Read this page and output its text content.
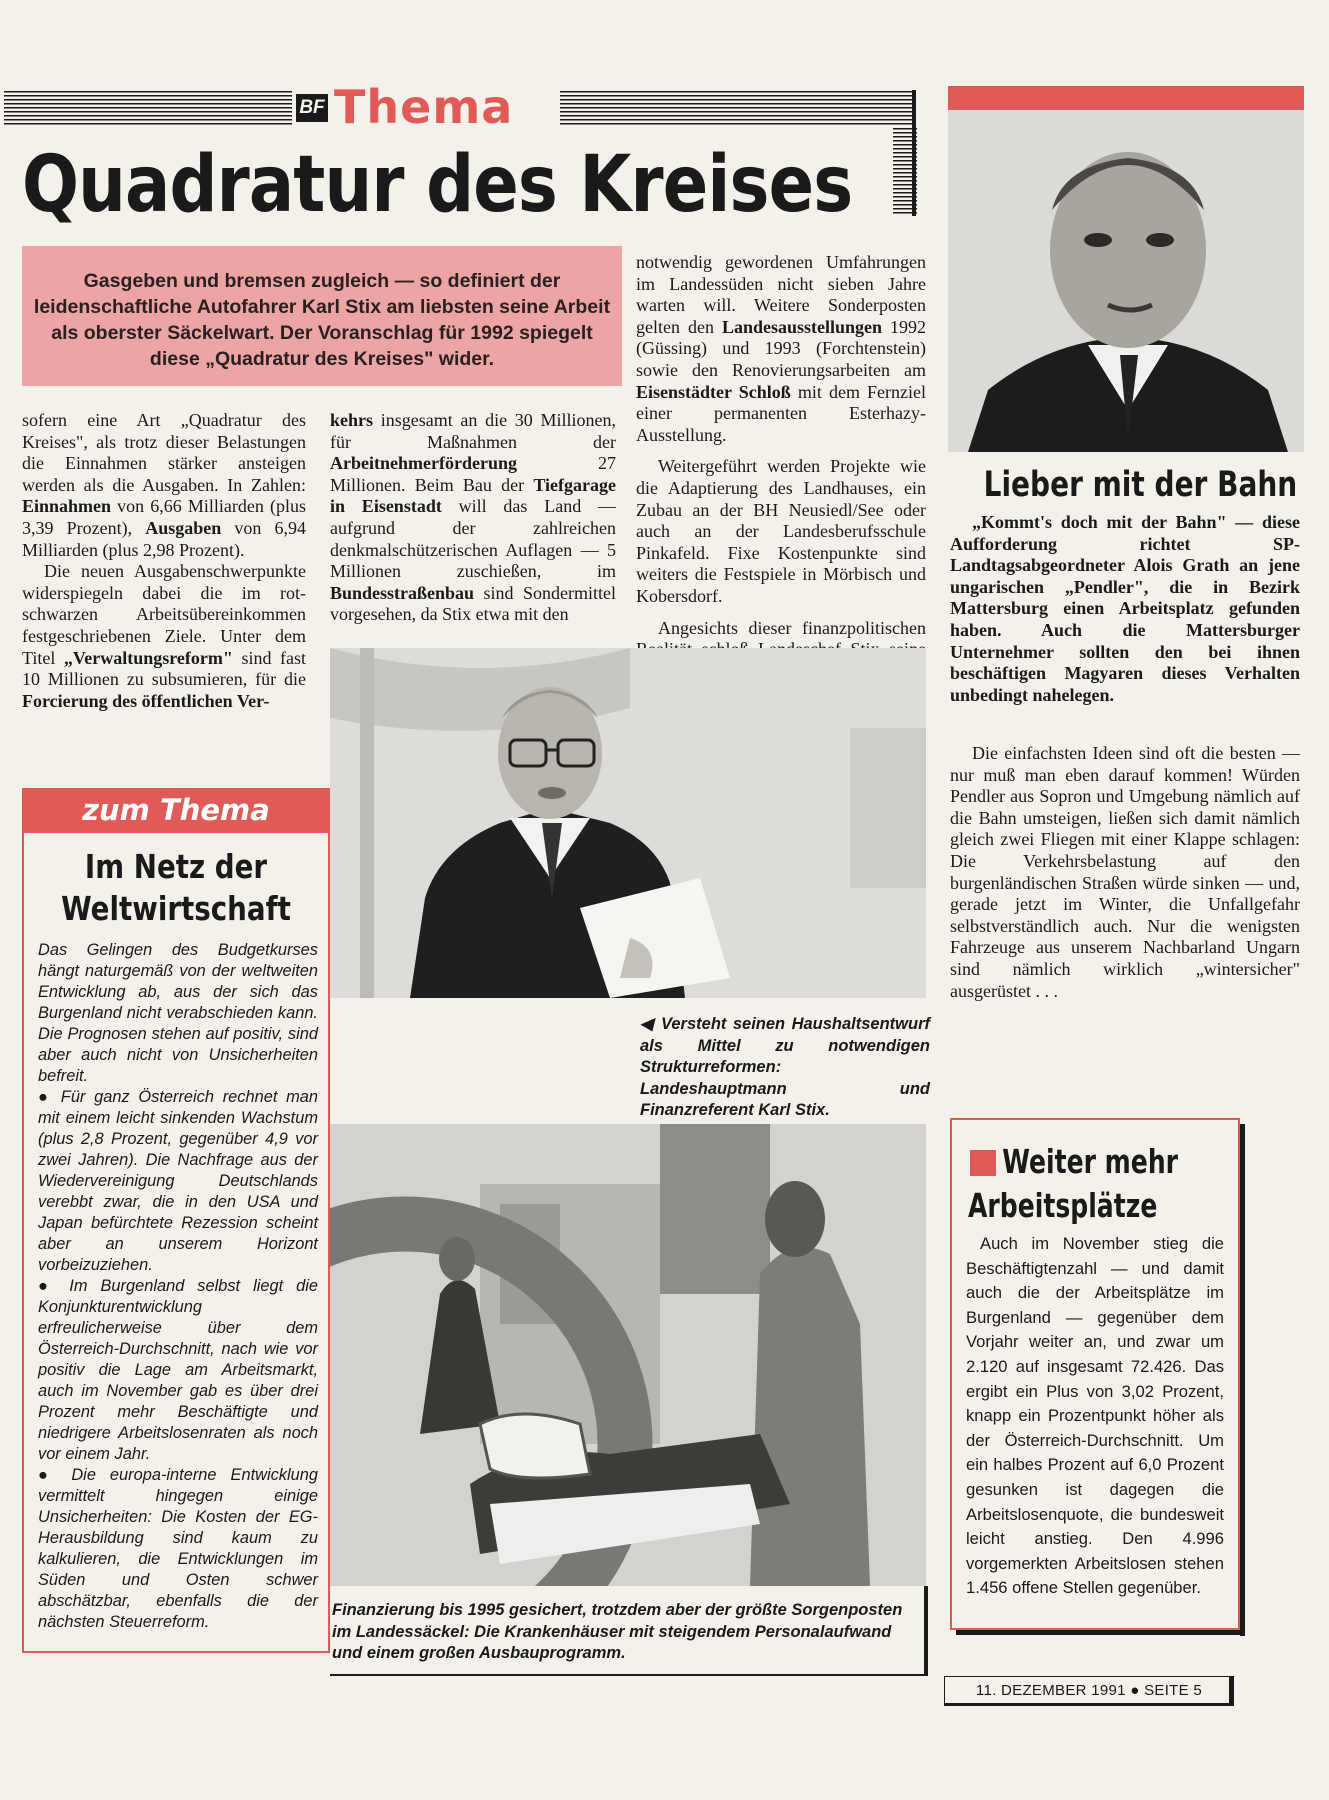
BF Thema
Quadratur des Kreises
Gasgeben und bremsen zugleich — so definiert der leidenschaftliche Autofahrer Karl Stix am liebsten seine Arbeit als oberster Säckelwart. Der Voranschlag für 1992 spiegelt diese „Quadratur des Kreises" wider.

sofern eine Art „Quadratur des Kreises", als trotz dieser Belastungen die Einnahmen stärker ansteigen werden als die Ausgaben. In Zahlen: Einnahmen von 6,66 Milliarden (plus 3,39 Prozent), Ausgaben von 6,94 Milliarden (plus 2,98 Prozent).

Die neuen Ausgabenschwerpunkte widerspiegeln dabei die im rot-schwarzen Arbeitsübereinkommen festgeschriebenen Ziele. Unter dem Titel „Verwaltungsreform" sind fast 10 Millionen zu subsumieren, für die Forcierung des öffentlichen Ver-

kehrs insgesamt an die 30 Millionen, für Maßnahmen der Arbeitnehmerförderung 27 Millionen. Beim Bau der Tiefgarage in Eisenstadt will das Land — aufgrund der zahlreichen denkmalschützerischen Auflagen — 5 Millionen zuschießen, im Bundesstraßenbau sind Sondermittel vorgesehen, da Stix etwa mit den

notwendig gewordenen Umfahrungen im Landessüden nicht sieben Jahre warten will. Weitere Sonderposten gelten den Landesausstellungen 1992 (Güssing) und 1993 (Forchtenstein) sowie den Renovierungsarbeiten am Eisenstädter Schloß mit dem Fernziel einer permanenten Esterhazy-Ausstellung.

Weitergeführt werden Projekte wie die Adaptierung des Landhauses, ein Zubau an der BH Neusiedl/See oder auch an der Landesberufsschule Pinkafeld. Fixe Kostenpunkte sind weiters die Festspiele in Mörbisch und Kobersdorf.

Angesichts dieser finanzpolitischen

zum Thema
Im Netz der Weltwirtschaft

Das Gelingen des Budgetkurses hängt naturgemäß von der weltweiten Entwicklung ab, aus der sich das Burgenland nicht verabschieden kann. Die Prognosen stehen auf positiv, sind aber auch nicht von Unsicherheiten befreit.

● Für ganz Österreich rechnet man mit einem leicht sinkenden Wachstum (plus 2,8 Prozent, gegenüber 4,9 vor zwei Jahren). Die Nachfrage aus der Wiedervereinigung Deutschlands verebbt zwar, die in den USA und Japan befürchtete Rezession scheint aber an unserem Horizont vorbeizuziehen.

● Im Burgenland selbst liegt die Konjunkturentwicklung erfreulicherweise über dem Österreich-Durchschnitt, nach wie vor positiv die Lage am Arbeitsmarkt, auch im November gab es über drei Prozent mehr Beschäftigte und niedrigere Arbeitslosenraten als noch vor einem Jahr.

● Die europa-interne Entwicklung vermittelt hingegen einige Unsicherheiten: Die Kosten der EG-Herausbildung sind kaum zu kalkulieren, die Entwicklungen im Süden und Osten schwer abschätzbar, ebenfalls die der nächsten Steuerreform.

◀ Versteht seinen Haushaltsentwurf als Mittel zu notwendigen Strukturreformen: Landeshauptmann und Finanzreferent Karl Stix.
Finanzierung bis 1995 gesichert, trotzdem aber der größte Sorgenposten im Landessäckel: Die Krankenhäuser mit steigendem Personalaufwand und einem großen Ausbauprogramm.
Lieber mit der Bahn
„Kommt's doch mit der Bahn" — diese Aufforderung richtet SP-Landtagsabgeordneter Alois Grath an jene ungarischen „Pendler", die in Bezirk Mattersburg einen Arbeitsplatz gefunden haben. Auch die Mattersburger Unternehmer sollten den bei ihnen beschäftigen Magyaren dieses Verhalten unbedingt nahelegen.
Die einfachsten Ideen sind oft die besten — nur muß man eben darauf kommen! Würden Pendler aus Sopron und Umgebung nämlich auf die Bahn umsteigen, ließen sich damit nämlich gleich zwei Fliegen mit einer Klappe schlagen: Die Verkehrsbelastung auf den burgenländischen Straßen würde sinken — und, gerade jetzt im Winter, die Unfallgefahr selbstverständlich auch. Nur die wenigsten Fahrzeuge aus unserem Nachbarland Ungarn sind nämlich wirklich „wintersicher" ausgerüstet . . .
Weiter mehr
Arbeitsplätze
Auch im November stieg die Beschäftigtenzahl — und damit auch die der Arbeitsplätze im Burgenland — gegenüber dem Vorjahr weiter an, und zwar um 2.120 auf insgesamt 72.426. Das ergibt ein Plus von 3,02 Prozent, knapp ein Prozentpunkt höher als der Österreich-Durchschnitt. Um ein halbes Prozent auf 6,0 Prozent gesunken ist dagegen die Arbeitslosenquote, die bundesweit leicht anstieg. Den 4.996 vorgemerkten Arbeitslosen stehen 1.456 offene Stellen gegenüber.
11. DEZEMBER 1991 ● SEITE 5
